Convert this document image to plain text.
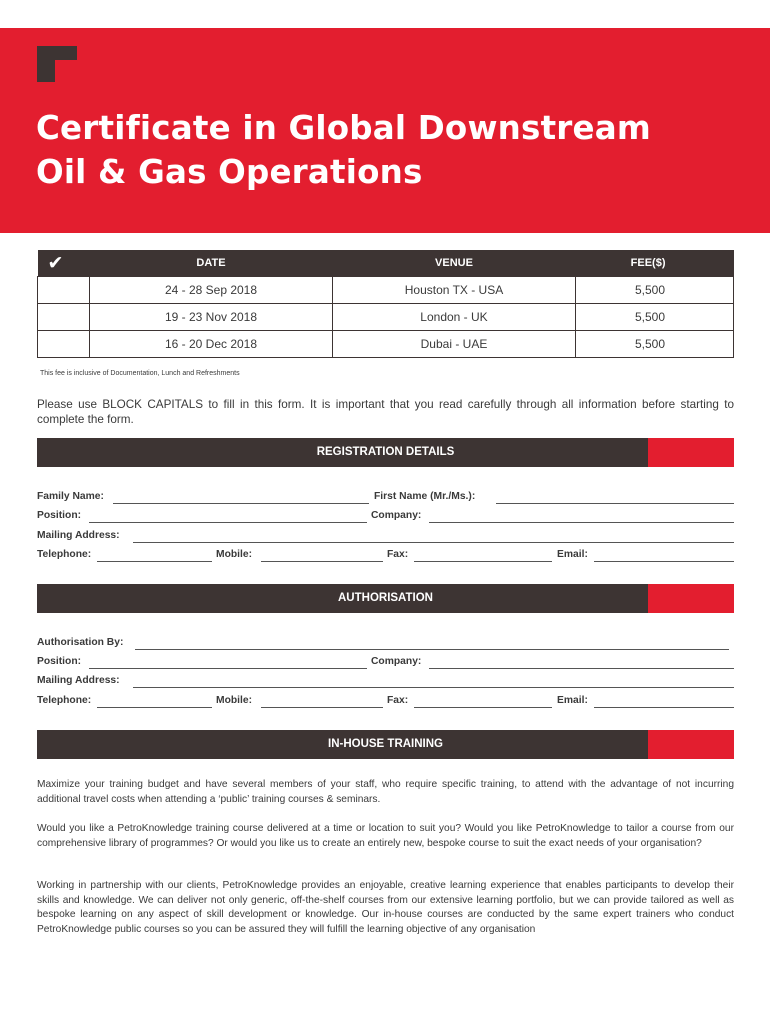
Certificate in Global Downstream
Oil & Gas Operations
✔	DATE	VENUE	FEE($)
	24 - 28 Sep 2018	Houston TX - USA	5,500
	19 - 23 Nov 2018	London - UK	5,500
	16 - 20 Dec 2018	Dubai - UAE	5,500
This fee is inclusive of Documentation, Lunch and Refreshments
Please use BLOCK CAPITALS to fill in this form. It is important that you read carefully through all information before starting to complete the form.
REGISTRATION DETAILS
Family Name:	First Name (Mr./Ms.):
Position:	Company:
Mailing Address:
Telephone:	Mobile:	Fax:	Email:
AUTHORISATION
Authorisation By:
Position:	Company:
Mailing Address:
Telephone:	Mobile:	Fax:	Email:
IN-HOUSE TRAINING
Maximize your training budget and have several members of your staff, who require specific training, to attend with the advantage of not incurring additional travel costs when attending a ‘public’ training courses & seminars.
Would you like a PetroKnowledge training course delivered at a time or location to suit you? Would you like PetroKnowledge to tailor a course from our comprehensive library of programmes? Or would you like us to create an entirely new, bespoke course to suit the exact needs of your organisation?
Working in partnership with our clients, PetroKnowledge provides an enjoyable, creative learning experience that enables participants to develop their skills and knowledge. We can deliver not only generic, off-the-shelf courses from our extensive learning portfolio, but we can provide tailored as well as bespoke learning on any aspect of skill development or knowledge. Our in-house courses are conducted by the same expert trainers who conduct PetroKnowledge public courses so you can be assured they will fulfill the learning objective of any organisation
